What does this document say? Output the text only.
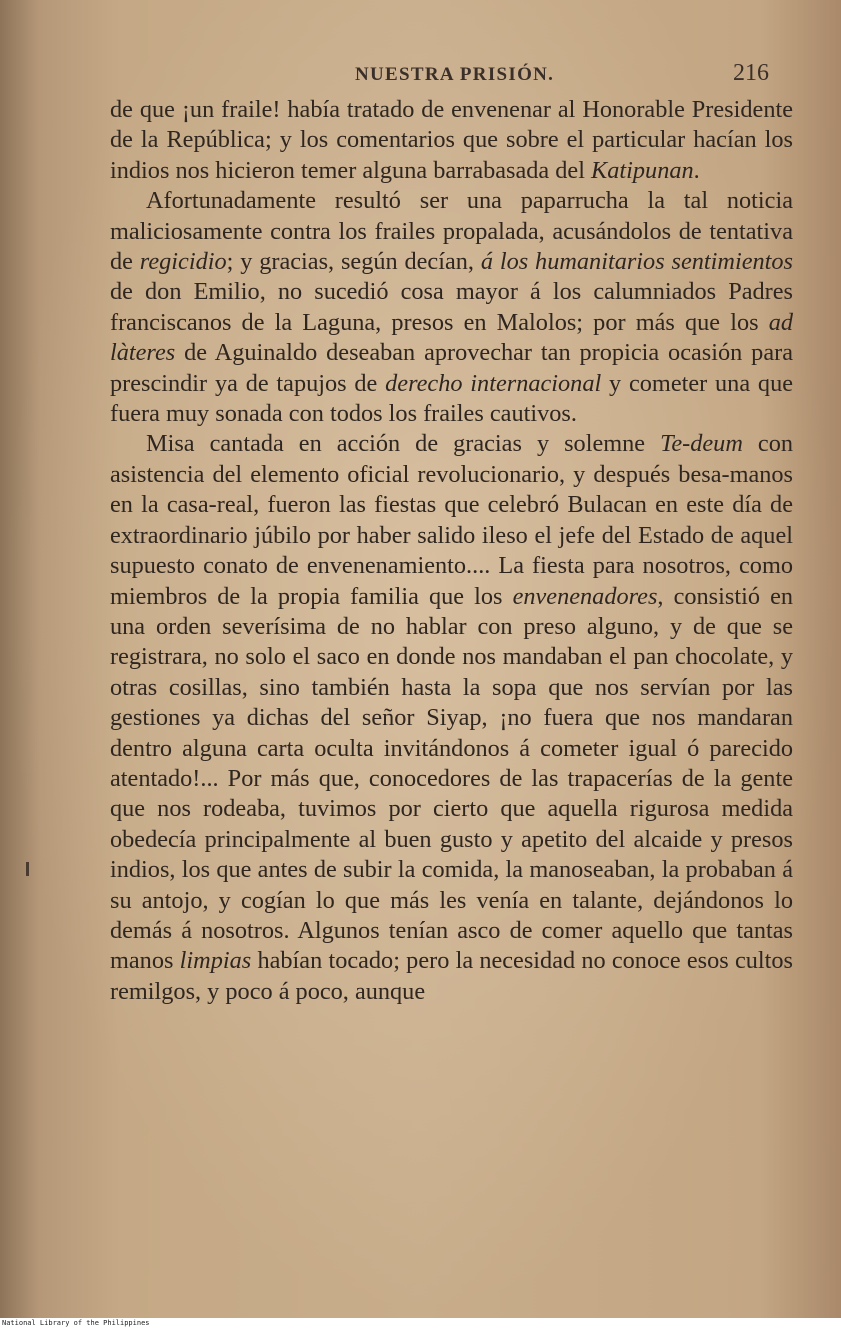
NUESTRA PRISIÓN.	216

de que ¡un fraile! había tratado de envenenar al Honorable Presidente de la República; y los comentarios que sobre el particular hacían los indios nos hicieron temer alguna barrabasada del Katipunan.

Afortunadamente resultó ser una paparrucha la tal noticia maliciosamente contra los frailes propalada, acusándolos de tentativa de regicidio; y gracias, según decían, á los humanitarios sentimientos de don Emilio, no sucedió cosa mayor á los calumniados Padres franciscanos de la Laguna, presos en Malolos; por más que los ad làteres de Aguinaldo deseaban aprovechar tan propicia ocasión para prescindir ya de tapujos de derecho internacional y cometer una que fuera muy sonada con todos los frailes cautivos.

Misa cantada en acción de gracias y solemne Te-deum con asistencia del elemento oficial revolucionario, y después besa-manos en la casa-real, fueron las fiestas que celebró Bulacan en este día de extraordinario júbilo por haber salido ileso el jefe del Estado de aquel supuesto conato de envenenamiento.... La fiesta para nosotros, como miembros de la propia familia que los envenenadores, consistió en una orden severísima de no hablar con preso alguno, y de que se registrara, no solo el saco en donde nos mandaban el pan chocolate, y otras cosillas, sino también hasta la sopa que nos servían por las gestiones ya dichas del señor Siyap, ¡no fuera que nos mandaran dentro alguna carta oculta invitándonos á cometer igual ó parecido atentado!... Por más que, conocedores de las trapacerías de la gente que nos rodeaba, tuvimos por cierto que aquella rigurosa medida obedecía principalmente al buen gusto y apetito del alcaide y presos indios, los que antes de subir la comida, la manoseaban, la probaban á su antojo, y cogían lo que más les venía en talante, dejándonos lo demás á nosotros. Algunos tenían asco de comer aquello que tantas manos limpias habían tocado; pero la necesidad no conoce esos cultos remilgos, y poco á poco, aunque

National Library of the Philippines
